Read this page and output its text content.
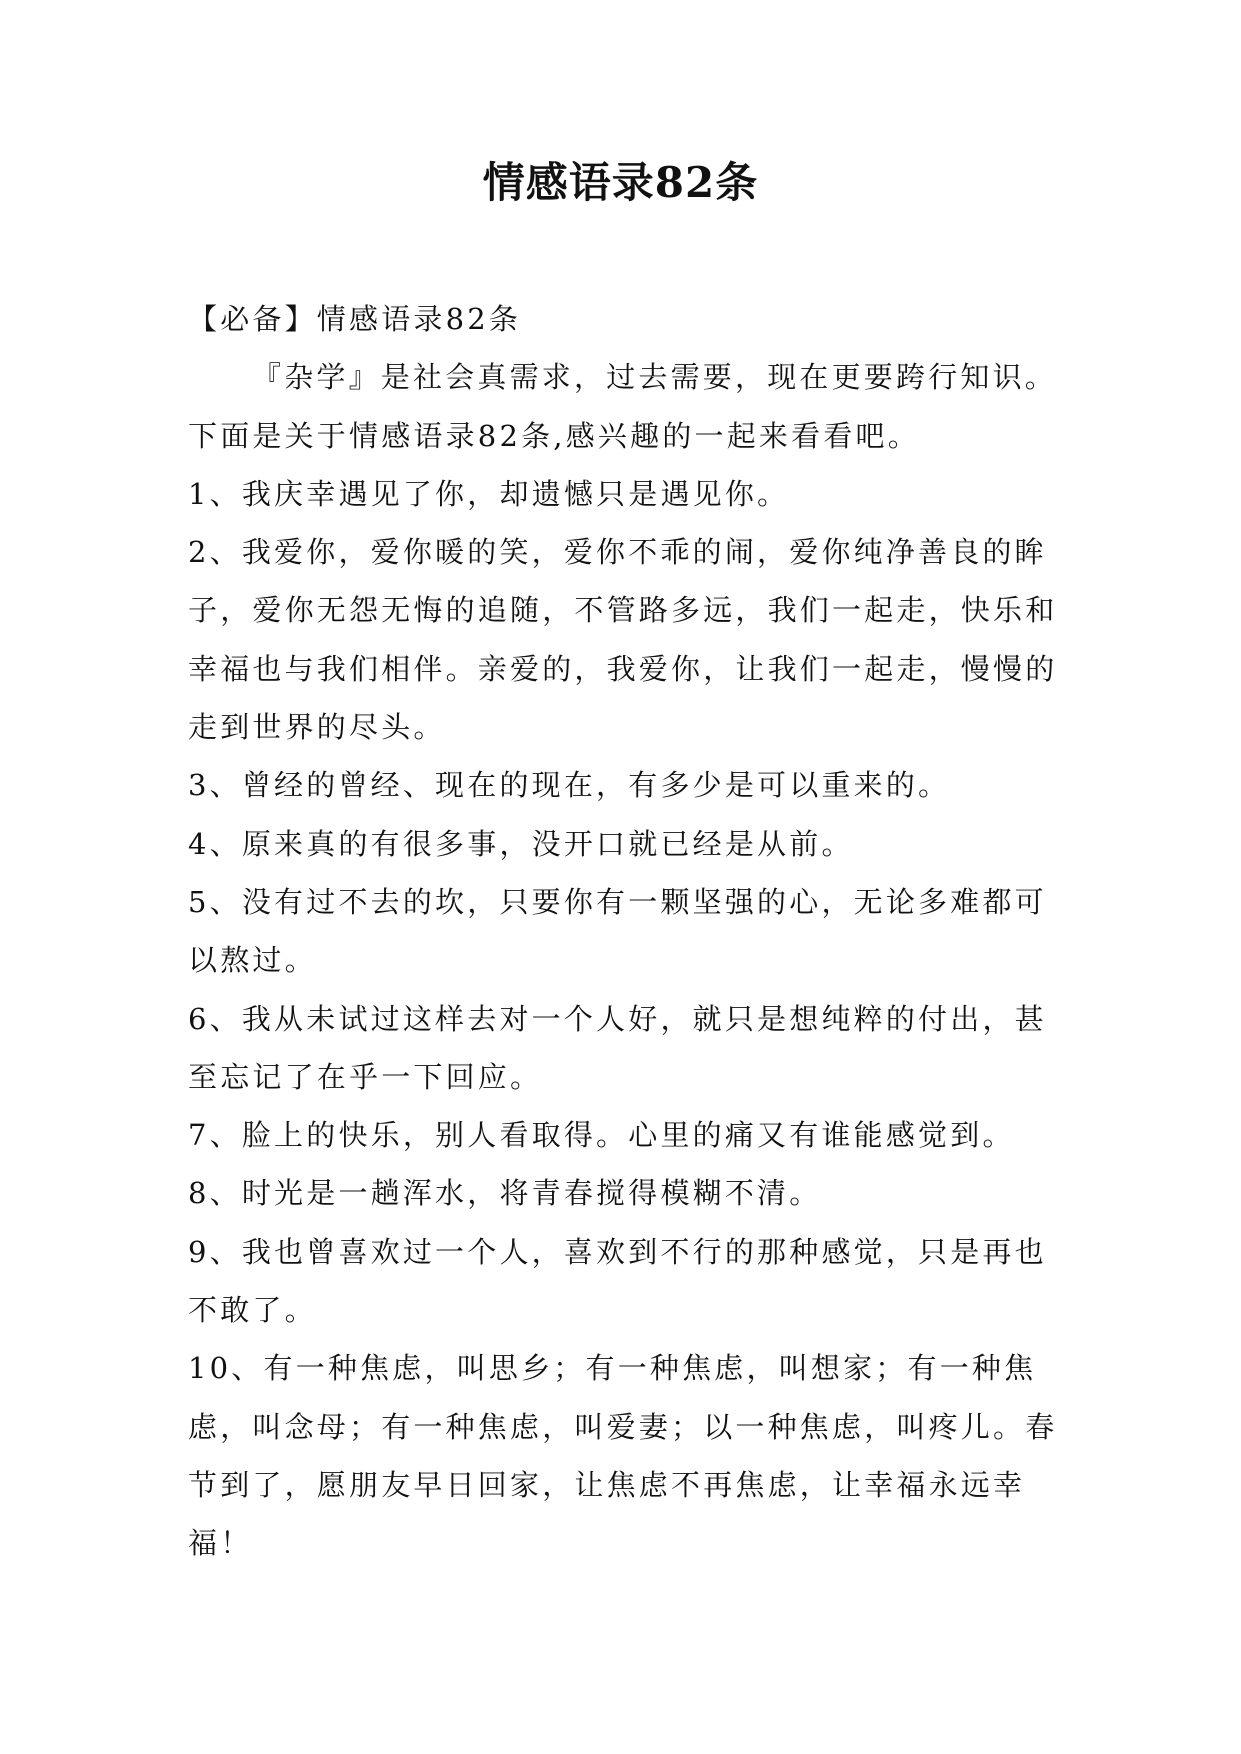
情感语录82条

【必备】情感语录82条

『杂学』是社会真需求，过去需要，现在更要跨行知识。下面是关于情感语录82条,感兴趣的一起来看看吧。

1、我庆幸遇见了你，却遗憾只是遇见你。

2、我爱你，爱你暖的笑，爱你不乖的闹，爱你纯净善良的眸子，爱你无怨无悔的追随，不管路多远，我们一起走，快乐和幸福也与我们相伴。亲爱的，我爱你，让我们一起走，慢慢的走到世界的尽头。

3、曾经的曾经、现在的现在，有多少是可以重来的。

4、原来真的有很多事，没开口就已经是从前。

5、没有过不去的坎，只要你有一颗坚强的心，无论多难都可以熬过。

6、我从未试过这样去对一个人好，就只是想纯粹的付出，甚至忘记了在乎一下回应。

7、脸上的快乐，别人看取得。心里的痛又有谁能感觉到。

8、时光是一趟浑水，将青春搅得模糊不清。

9、我也曾喜欢过一个人，喜欢到不行的那种感觉，只是再也不敢了。

10、有一种焦虑，叫思乡；有一种焦虑，叫想家；有一种焦虑，叫念母；有一种焦虑，叫爱妻；以一种焦虑，叫疼儿。春节到了，愿朋友早日回家，让焦虑不再焦虑，让幸福永远幸福！
